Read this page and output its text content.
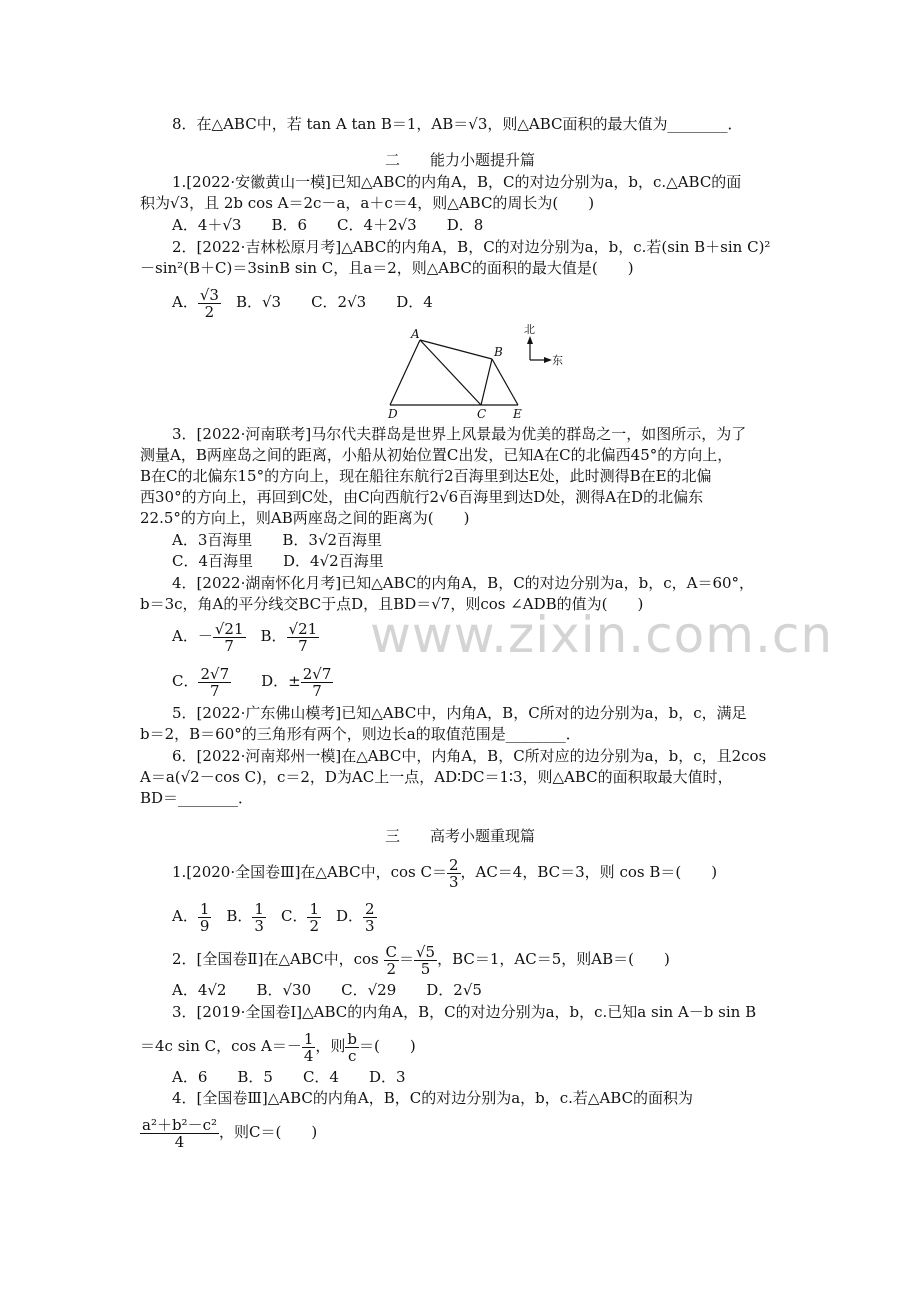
8．在△ABC中，若 tan A tan B＝1，AB＝√3，则△ABC面积的最大值为________．
1.[2022·安徽黄山一模]已知△ABC的内角A，B，C的对边分别为a，b，c.△ABC的面
积为√3，且 2b cos A＝2c－a，a＋c＝4，则△ABC的周长为(　　)
A．4＋√3　　B．6　　C．4＋2√3　　D．8
2．[2022·吉林松原月考]△ABC的内角A，B，C的对边分别为a，b，c.若(sin B＋sin C)²
－sin²(B＋C)＝3sinB sin C，且a＝2，则△ABC的面积的最大值是(　　)
3．[2022·河南联考]马尔代夫群岛是世界上风景最为优美的群岛之一，如图所示，为了
测量A，B两座岛之间的距离，小船从初始位置C出发，已知A在C的北偏西45°的方向上，
B在C的北偏东15°的方向上，现在船往东航行2百海里到达E处，此时测得B在E的北偏
西30°的方向上，再回到C处，由C向西航行2√6百海里到达D处，测得A在D的北偏东
22.5°的方向上，则AB两座岛之间的距离为(　　)
A．3百海里　　B．3√2百海里
C．4百海里　　D．4√2百海里
4．[2022·湖南怀化月考]已知△ABC的内角A，B，C的对边分别为a，b，c，A＝60°，
b＝3c，角A的平分线交BC于点D，且BD＝√7，则cos ∠ADB的值为(　　)
5．[2022·广东佛山模考]已知△ABC中，内角A，B，C所对的边分别为a，b，c，满足
b＝2，B＝60°的三角形有两个，则边长a的取值范围是________．
6．[2022·河南郑州一模]在△ABC中，内角A，B，C所对应的边分别为a，b，c，且2cos
A＝a(√2－cos C)，c＝2，D为AC上一点，AD∶DC＝1∶3，则△ABC的面积取最大值时，
BD＝________．
3．[2019·全国卷Ⅰ]△ABC的内角A，B，C的对边分别为a，b，c.已知a sin A－b sin B
A．6　　B．5　　C．4　　D．3
4．[全国卷Ⅲ]△ABC的内角A，B，C的对边分别为a，b，c.若△ABC的面积为
二　　能力小题提升篇
三　　高考小题重现篇
A． $\frac{√3}{2}$ 　B．√3　　C．2√3　　D．4
A
B
C
D	E
北
东
A．－ $\frac{√21}{7}$ 　B． $\frac{√21}{7}$
C． $\frac{2√7}{7}$ 　　D．± $\frac{2√7}{7}$
1.[2020·全国卷Ⅲ]在△ABC中，$\cos C= \frac{2}{3}$ ，AC＝4，BC＝3，则 cos B＝(　　)
A． $\frac{1}{9}$ 　B． $\frac{1}{3}$ 　C． $\frac{1}{2}$ 　D． $\frac{2}{3}$
2．[全国卷Ⅱ]在△ABC中，$\cos \frac{C}{2} = \frac{√5}{5}$ ，BC＝1，AC＝5，则AB＝(　　)
A．4√2　　B．√30　　C．√29　　D．2√5
＝4c sin C，$\cos A=- \frac{1}{4}$ ，则 $\frac{b}{c}$ ＝(　　)
$\frac{\text{a²＋b²－c²}}{4}$ ，则C＝(　　)
www.zixin.com.cn
